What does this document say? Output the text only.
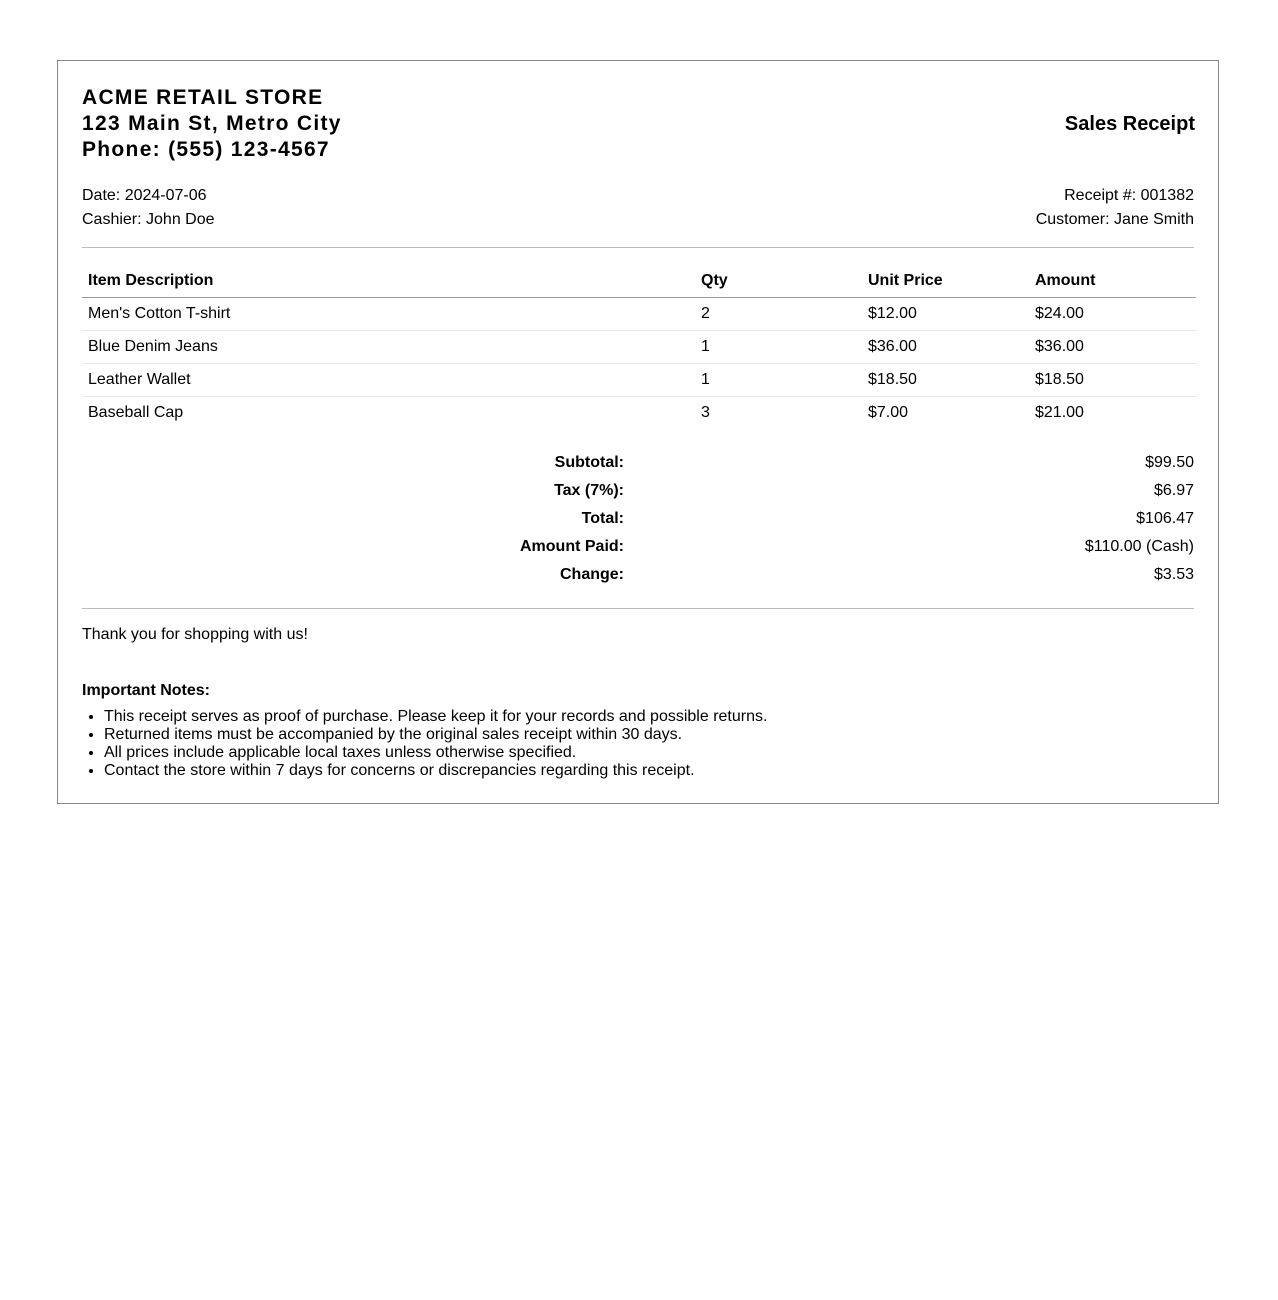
ACME RETAIL STORE
123 Main St, Metro City
Phone: (555) 123-4567
Sales Receipt
Date: 2024-07-06
Cashier: John Doe
Receipt #: 001382
Customer: Jane Smith
Item Description	Qty	Unit Price	Amount
Men's Cotton T-shirt	2	$12.00	$24.00
Blue Denim Jeans	1	$36.00	$36.00
Leather Wallet	1	$18.50	$18.50
Baseball Cap	3	$7.00	$21.00
Subtotal:	$99.50
Tax (7%):	$6.97
Total:	$106.47
Amount Paid:	$110.00 (Cash)
Change:	$3.53
Thank you for shopping with us!
Important Notes:
• This receipt serves as proof of purchase. Please keep it for your records and possible returns.
• Returned items must be accompanied by the original sales receipt within 30 days.
• All prices include applicable local taxes unless otherwise specified.
• Contact the store within 7 days for concerns or discrepancies regarding this receipt.
